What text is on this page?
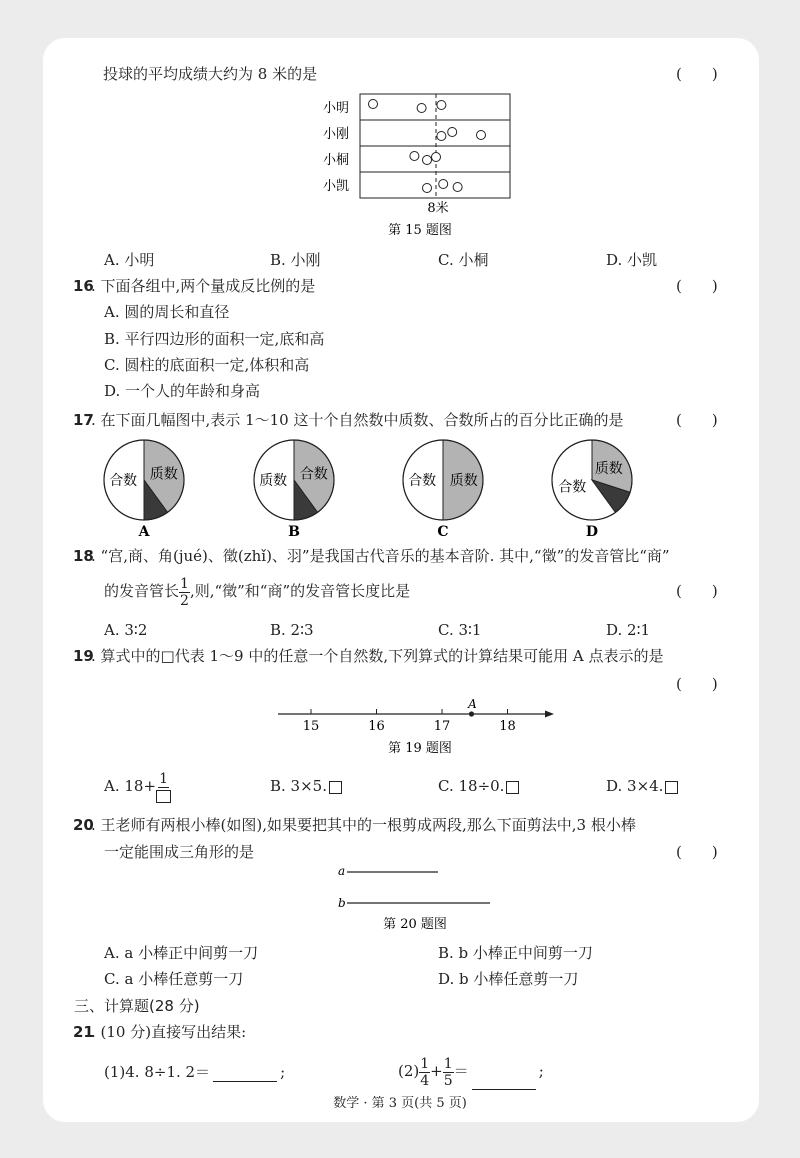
投球的平均成绩大约为 8 米的是	(　　)
小明
小刚
小桐
小凯
8米
第 15 题图
A. 小明	B. 小刚	C. 小桐	D. 小凯
16
. 下面各组中,两个量成反比例的是	(　　)
A. 圆的周长和直径
B. 平行四边形的面积一定,底和高
C. 圆柱的底面积一定,体积和高
D. 一个人的年龄和身高
17
. 在下面几幅图中,表示 1～10 这十个自然数中质数、合数所占的百分比正确的是	(　　)
合数 质数
A
质数 合数
B
合数 质数
C
合数
质数
D
18
. “宫,商、角(jué)、徵(zhǐ)、羽”是我国古代音乐的基本音阶. 其中,“徵”的发音管比“商”
的发音管长 $\frac{1}{2}$ ,则,“徵”和“商”的发音管长度比是	(　　)
A. 3∶2	B. 2∶3	C. 3∶1	D. 2∶1
19
. 算式中的□代表 1～9 中的任意一个自然数,下列算式的计算结果可能用 A 点表示的是
(　　)
15	16	17	18
A
第 19 题图
A. 18+ 1	B. 3×5.	C. 18÷0.	D. 3×4.
20
. 王老师有两根小棒(如图),如果要把其中的一根剪成两段,那么下面剪法中,3 根小棒
一定能围成三角形的是	(　　)
a
b
第 20 题图
A. a 小棒正中间剪一刀	B. b 小棒正中间剪一刀
C. a 小棒任意剪一刀	D. b 小棒任意剪一刀
三、计算题(28 分)
21
. (10 分)直接写出结果:
(1)4. 8÷1. 2＝	;	$(2) \frac{1}{4} + \frac{1}{5}$ ＝	;
数学 · 第 3 页(共 5 页)
